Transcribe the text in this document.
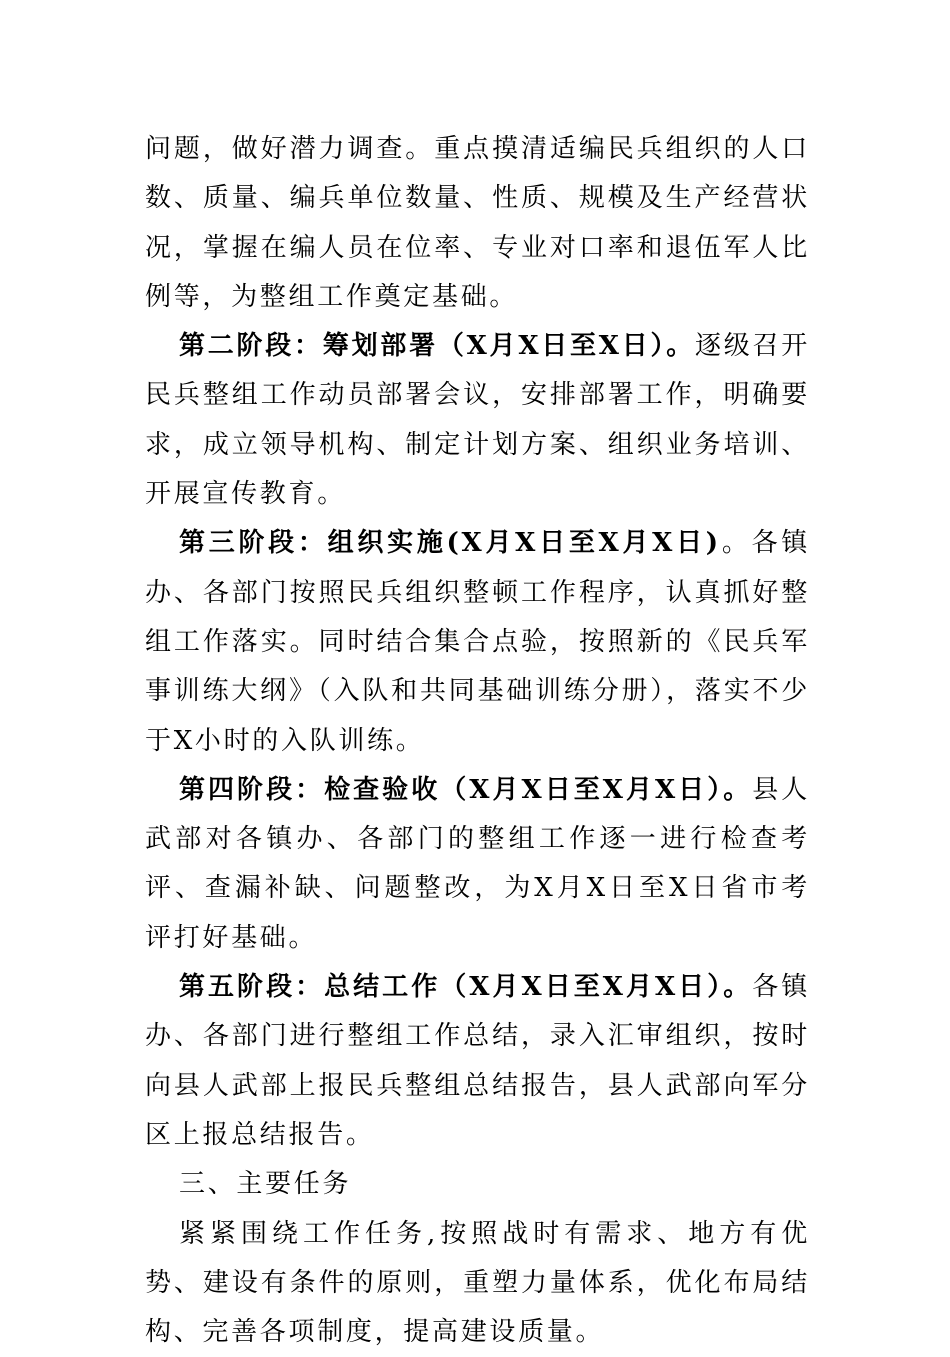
问题，做好潜力调查。重点摸清适编民兵组织的人口数、质量、编兵单位数量、性质、规模及生产经营状况，掌握在编人员在位率、专业对口率和退伍军人比例等，为整组工作奠定基础。

第二阶段：筹划部署（X月X日至X日）。逐级召开民兵整组工作动员部署会议，安排部署工作，明确要求，成立领导机构、制定计划方案、组织业务培训、开展宣传教育。

第三阶段：组织实施(X月X日至X月X日)。各镇办、各部门按照民兵组织整顿工作程序，认真抓好整组工作落实。同时结合集合点验，按照新的《民兵军事训练大纲》（入队和共同基础训练分册），落实不少于X小时的入队训练。

第四阶段：检查验收（X月X日至X月X日）。县人武部对各镇办、各部门的整组工作逐一进行检查考评、查漏补缺、问题整改，为X月X日至X日省市考评打好基础。

第五阶段：总结工作（X月X日至X月X日）。各镇办、各部门进行整组工作总结，录入汇审组织，按时向县人武部上报民兵整组总结报告，县人武部向军分区上报总结报告。

三、主要任务

紧紧围绕工作任务,按照战时有需求、地方有优势、建设有条件的原则，重塑力量体系，优化布局结构、完善各项制度，提高建设质量。
